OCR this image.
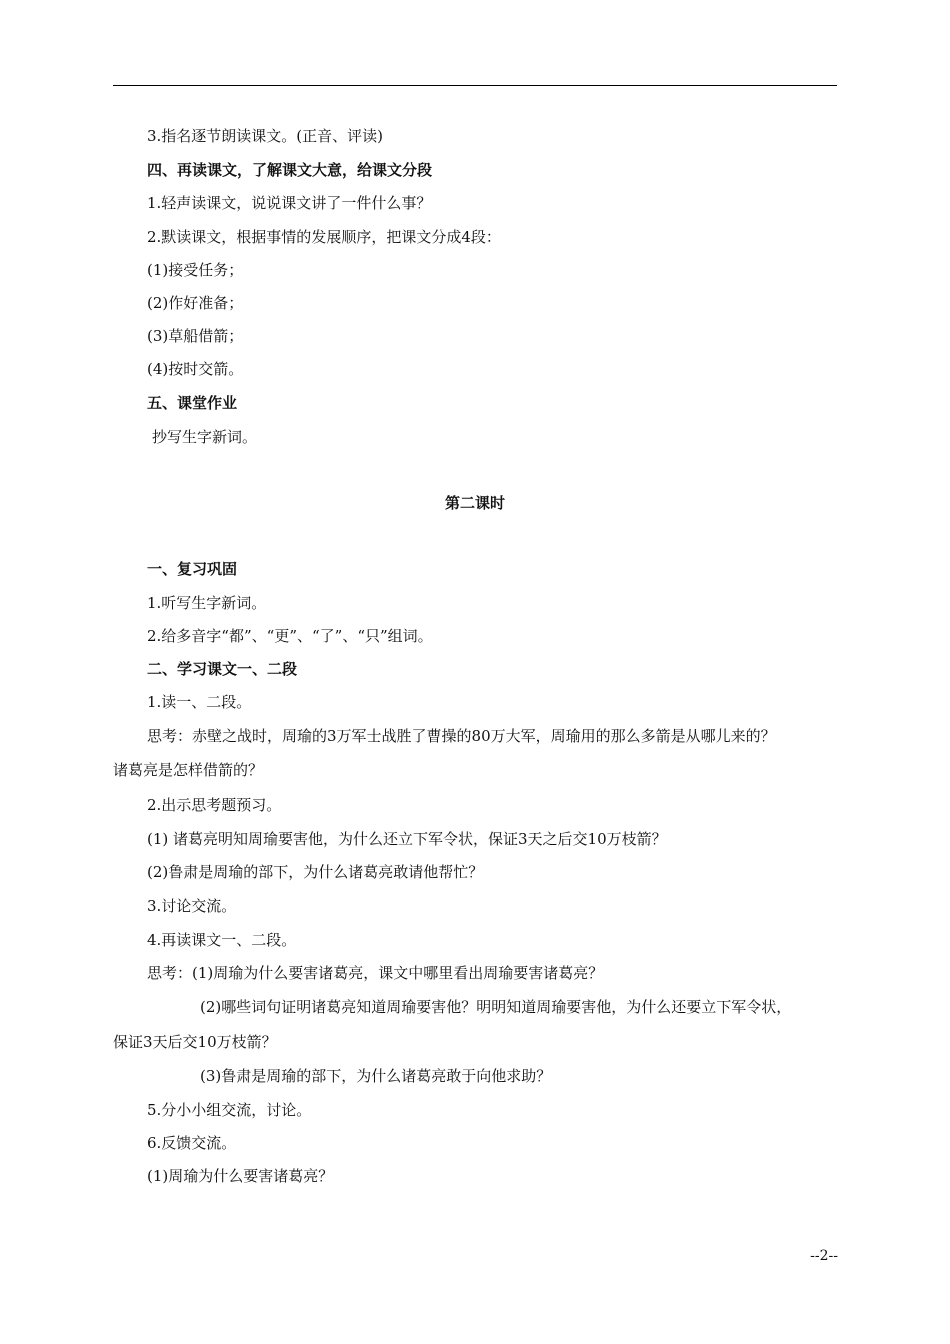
3.指名逐节朗读课文。(正音、评读)
四、再读课文，了解课文大意，给课文分段
1.轻声读课文，说说课文讲了一件什么事？
2.默读课文，根据事情的发展顺序，把课文分成4段：
(1)接受任务；
(2)作好准备；
(3)草船借箭；
(4)按时交箭。
五、课堂作业
抄写生字新词。
第二课时
一、复习巩固
1.听写生字新词。
2.给多音字“都”、“更”、“了”、“只”组词。
二、学习课文一、二段
1.读一、二段。
思考：赤壁之战时，周瑜的3万军士战胜了曹操的80万大军，周瑜用的那么多箭是从哪儿来的？
诸葛亮是怎样借箭的？
2.出示思考题预习。
(1) 诸葛亮明知周瑜要害他，为什么还立下军令状，保证3天之后交10万枝箭？
(2)鲁肃是周瑜的部下，为什么诸葛亮敢请他帮忙？
3.讨论交流。
4.再读课文一、二段。
思考：(1)周瑜为什么要害诸葛亮，课文中哪里看出周瑜要害诸葛亮？
(2)哪些词句证明诸葛亮知道周瑜要害他？明明知道周瑜要害他，为什么还要立下军令状，
保证3天后交10万枝箭？
(3)鲁肃是周瑜的部下，为什么诸葛亮敢于向他求助？
5.分小小组交流，讨论。
6.反馈交流。
(1)周瑜为什么要害诸葛亮？
--2--
